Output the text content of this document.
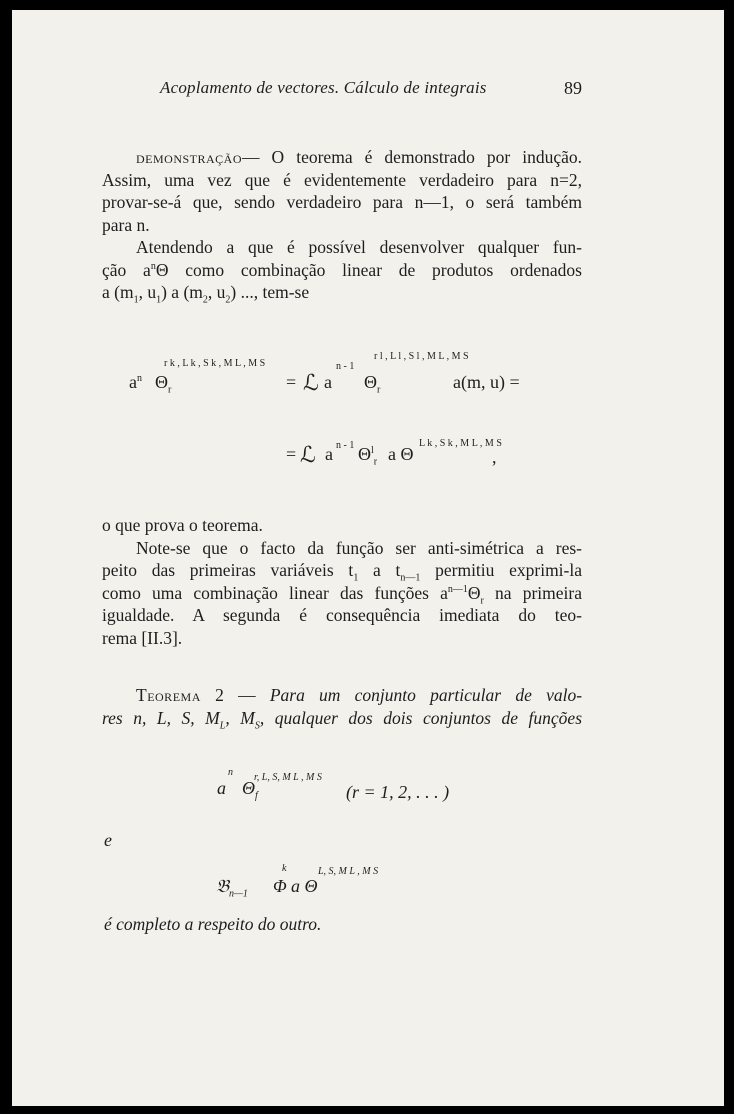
Acoplamento de vectores. Cálculo de integrais	89
demonstração— O teorema é demonstrado por indução.
Assim, uma vez que é evidentemente verdadeiro para n=2,
provar-se-á que, sendo verdadeiro para n—1, o será também
para n.
Atendendo a que é possível desenvolver qualquer fun-
ção $a^n\Theta$ como combinação linear de produtos ordenados
a ($m_1$, $u_1$) a ($m_2$, $u_2$) ..., tem-se
$a^n$ $\Theta_r$
r k , L k , S k , M L , M S
= ℒ a
n - 1
$\Theta_r$
r l , L l , S l , M L , M S
a(m, u) =
= ℒ a n - 1 $\Theta^l_r$ a Θ
L k , S k , M L , M S
,
o que prova o teorema.
Note-se que o facto da função ser anti-simétrica a res-
peito das primeiras variáveis $t_1$ a $t_{n—1}$ permitiu exprimi-la
como uma combinação linear das funções $a^{n—1}\Theta_r$ na primeira
igualdade. A segunda é consequência imediata do teo-
rema [II.3].
Teorema 2 — Para um conjunto particular de valo-
res n, L, S, $M_L$, $M_S$, qualquer dos dois conjuntos de funções
a
n
$\Theta_f$
r, L, S, M L , M S
(r = 1, 2, . . . )
e
𝔅$_{n—1}$ Φ
k
a Θ
L, S, M L , M S
é completo a respeito do outro.
